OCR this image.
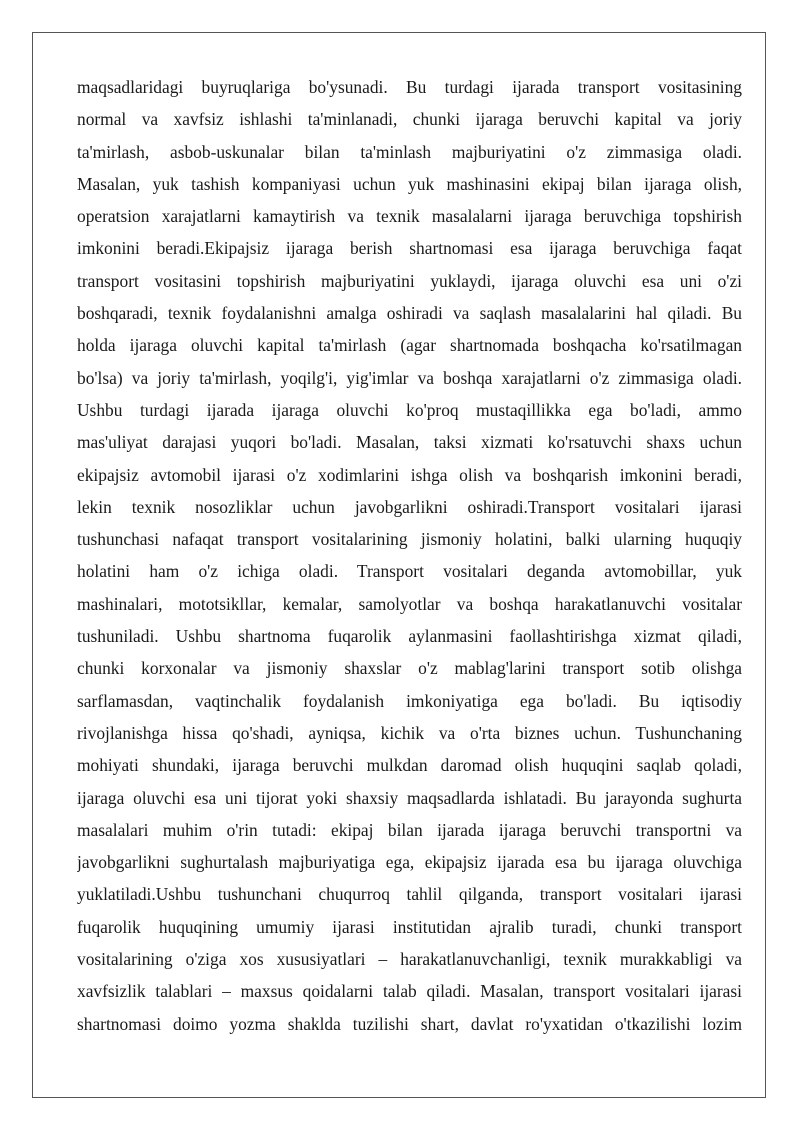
maqsadlaridagi buyruqlariga bo'ysunadi. Bu turdagi ijarada transport vositasining
normal va xavfsiz ishlashi ta'minlanadi, chunki ijaraga beruvchi kapital va joriy
ta'mirlash, asbob-uskunalar bilan ta'minlash majburiyatini o'z zimmasiga oladi.
Masalan, yuk tashish kompaniyasi uchun yuk mashinasini ekipaj bilan ijaraga olish,
operatsion xarajatlarni kamaytirish va texnik masalalarni ijaraga beruvchiga topshirish
imkonini beradi.Ekipajsiz ijaraga berish shartnomasi esa ijaraga beruvchiga faqat
transport vositasini topshirish majburiyatini yuklaydi, ijaraga oluvchi esa uni o'zi
boshqaradi, texnik foydalanishni amalga oshiradi va saqlash masalalarini hal qiladi. Bu
holda ijaraga oluvchi kapital ta'mirlash (agar shartnomada boshqacha ko'rsatilmagan
bo'lsa) va joriy ta'mirlash, yoqilg'i, yig'imlar va boshqa xarajatlarni o'z zimmasiga oladi.
Ushbu turdagi ijarada ijaraga oluvchi ko'proq mustaqillikka ega bo'ladi, ammo
mas'uliyat darajasi yuqori bo'ladi. Masalan, taksi xizmati ko'rsatuvchi shaxs uchun
ekipajsiz avtomobil ijarasi o'z xodimlarini ishga olish va boshqarish imkonini beradi,
lekin texnik nosozliklar uchun javobgarlikni oshiradi.Transport vositalari ijarasi
tushunchasi nafaqat transport vositalarining jismoniy holatini, balki ularning huquqiy
holatini ham o'z ichiga oladi. Transport vositalari deganda avtomobillar, yuk
mashinalari, mototsikllar, kemalar, samolyotlar va boshqa harakatlanuvchi vositalar
tushuniladi. Ushbu shartnoma fuqarolik aylanmasini faollashtirishga xizmat qiladi,
chunki korxonalar va jismoniy shaxslar o'z mablag'larini transport sotib olishga
sarflamasdan, vaqtinchalik foydalanish imkoniyatiga ega bo'ladi. Bu iqtisodiy
rivojlanishga hissa qo'shadi, ayniqsa, kichik va o'rta biznes uchun. Tushunchaning
mohiyati shundaki, ijaraga beruvchi mulkdan daromad olish huquqini saqlab qoladi,
ijaraga oluvchi esa uni tijorat yoki shaxsiy maqsadlarda ishlatadi. Bu jarayonda sughurta
masalalari muhim o'rin tutadi: ekipaj bilan ijarada ijaraga beruvchi transportni va
javobgarlikni sughurtalash majburiyatiga ega, ekipajsiz ijarada esa bu ijaraga oluvchiga
yuklatiladi.Ushbu tushunchani chuqurroq tahlil qilganda, transport vositalari ijarasi
fuqarolik huquqining umumiy ijarasi institutidan ajralib turadi, chunki transport
vositalarining o'ziga xos xususiyatlari – harakatlanuvchanligi, texnik murakkabligi va
xavfsizlik talablari – maxsus qoidalarni talab qiladi. Masalan, transport vositalari ijarasi
shartnomasi doimo yozma shaklda tuzilishi shart, davlat ro'yxatidan o'tkazilishi lozim
